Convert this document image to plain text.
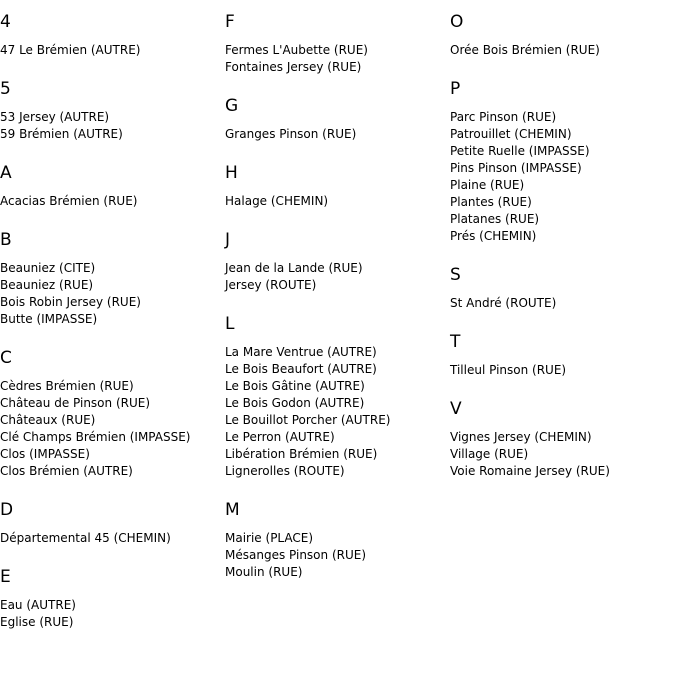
4
47 Le Brémien (AUTRE)
5
53 Jersey (AUTRE)
59 Brémien (AUTRE)
A
Acacias Brémien (RUE)
B
Beauniez (CITE)
Beauniez (RUE)
Bois Robin Jersey (RUE)
Butte (IMPASSE)
C
Cèdres Brémien (RUE)
Château de Pinson (RUE)
Châteaux (RUE)
Clé Champs Brémien (IMPASSE)
Clos (IMPASSE)
Clos Brémien (AUTRE)
D
Départemental 45 (CHEMIN)
E
Eau (AUTRE)
Eglise (RUE)
F
Fermes L'Aubette (RUE)
Fontaines Jersey (RUE)
G
Granges Pinson (RUE)
H
Halage (CHEMIN)
J
Jean de la Lande (RUE)
Jersey (ROUTE)
L
La Mare Ventrue (AUTRE)
Le Bois Beaufort (AUTRE)
Le Bois Gâtine (AUTRE)
Le Bois Godon (AUTRE)
Le Bouillot Porcher (AUTRE)
Le Perron (AUTRE)
Libération Brémien (RUE)
Lignerolles (ROUTE)
M
Mairie (PLACE)
Mésanges Pinson (RUE)
Moulin (RUE)
O
Orée Bois Brémien (RUE)
P
Parc Pinson (RUE)
Patrouillet (CHEMIN)
Petite Ruelle (IMPASSE)
Pins Pinson (IMPASSE)
Plaine (RUE)
Plantes (RUE)
Platanes (RUE)
Prés (CHEMIN)
S
St André (ROUTE)
T
Tilleul Pinson (RUE)
V
Vignes Jersey (CHEMIN)
Village (RUE)
Voie Romaine Jersey (RUE)
